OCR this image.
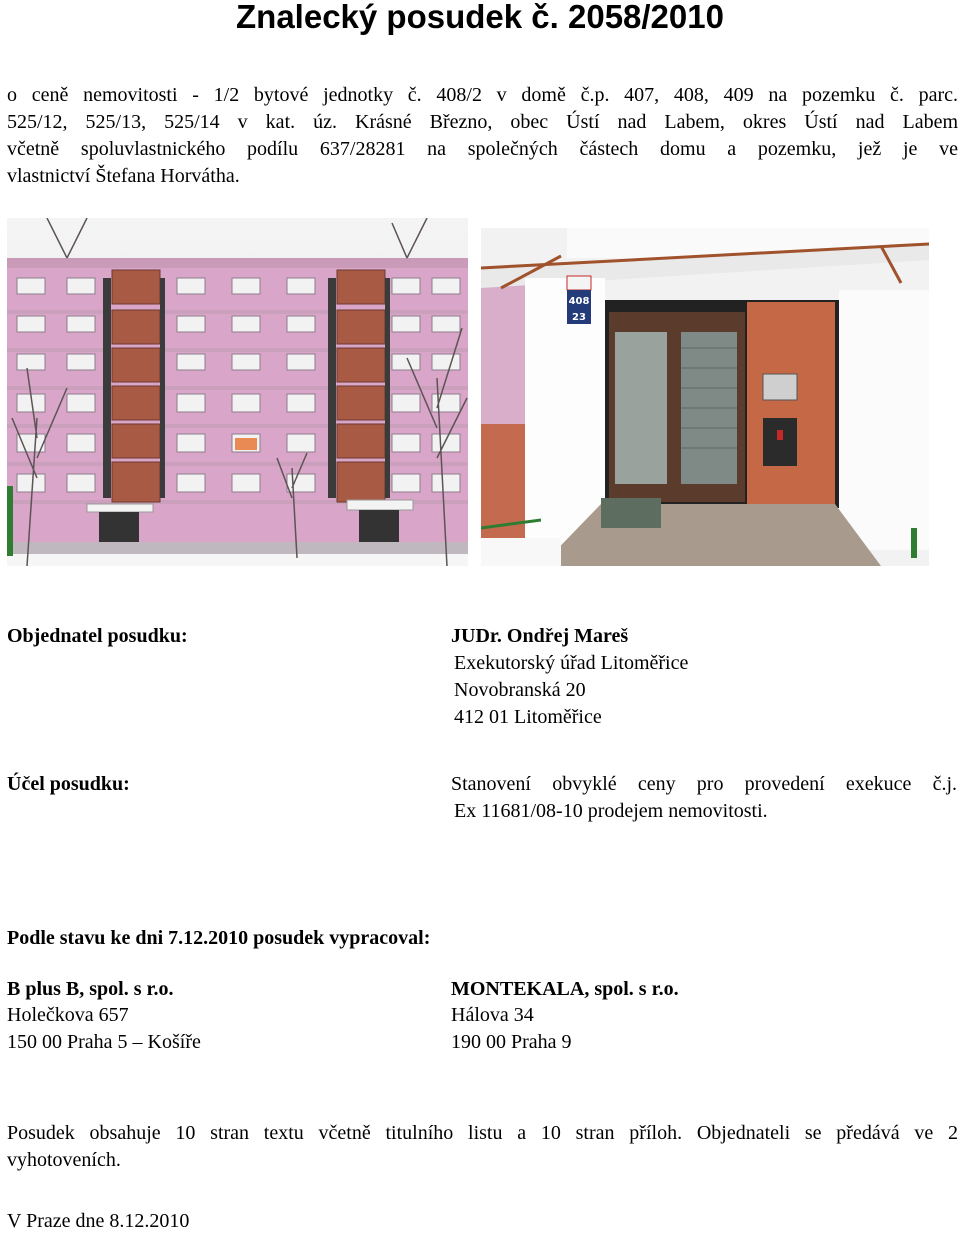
Znalecký posudek č. 2058/2010
o ceně nemovitosti - 1/2 bytové jednotky č. 408/2 v domě č.p. 407, 408, 409 na pozemku č. parc.
525/12, 525/13, 525/14 v kat. úz. Krásné Březno, obec Ústí nad Labem, okres Ústí nad Labem
včetně spoluvlastnického podílu 637/28281 na společných částech domu a pozemku, jež je ve
vlastnictví Štefana Horvátha.
408
23
Objednatel posudku:	JUDr. Ondřej Mareš
Exekutorský úřad Litoměřice
Novobranská 20
412 01 Litoměřice
Účel posudku:	Stanovení obvyklé ceny pro provedení exekuce č.j.
Ex 11681/08-10 prodejem nemovitosti.
Podle stavu ke dni 7.12.2010 posudek vypracoval:
B plus B, spol. s r.o.
Holečkova 657
150 00 Praha 5 – Košíře
MONTEKALA, spol. s r.o.
Hálova 34
190 00 Praha 9
Posudek obsahuje 10 stran textu včetně titulního listu a 10 stran příloh. Objednateli se předává ve 2
vyhotoveních.
V Praze dne 8.12.2010
